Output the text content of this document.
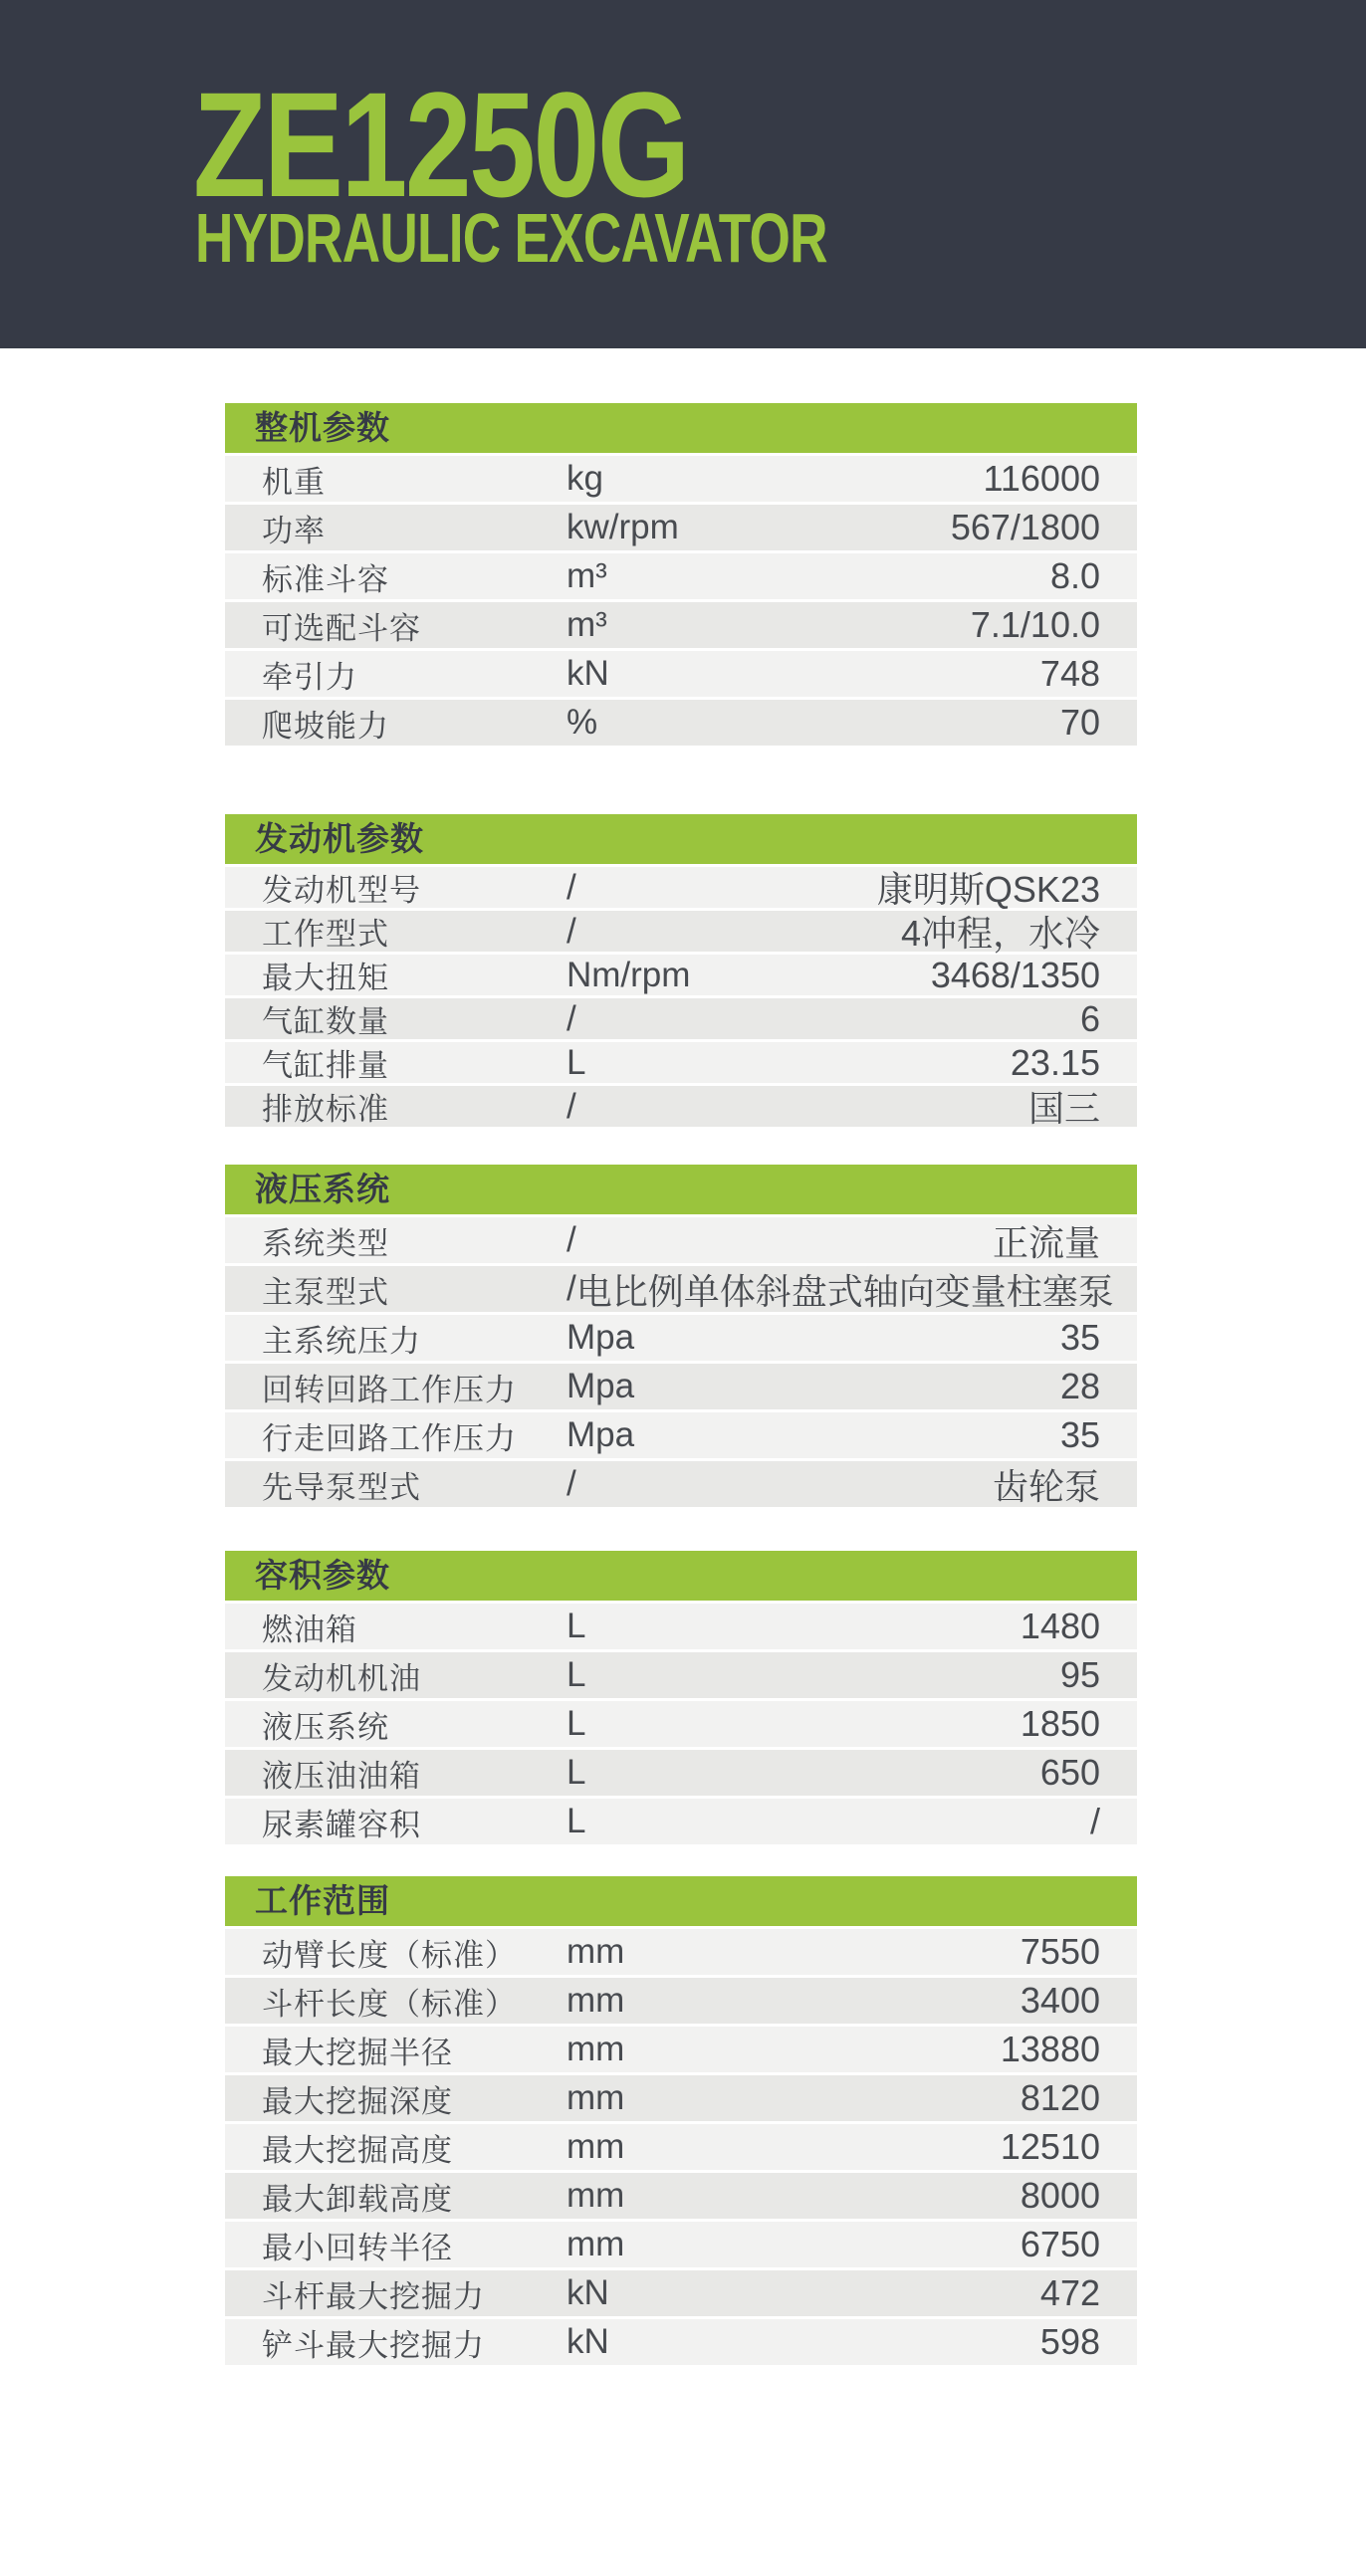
ZE1250G
HYDRAULIC EXCAVATOR
整机参数
机重	kg	116000
功率	kw/rpm	567/1800
标准斗容	m³	8.0
可选配斗容	m³	7.1/10.0
牵引力	kN	748
爬坡能力	%	70
发动机参数
发动机型号	/	康明斯QSK23
工作型式	/	4冲程，水冷
最大扭矩	Nm/rpm	3468/1350
气缸数量	/	6
气缸排量	L	23.15
排放标准	/	国三
液压系统
系统类型	/	正流量
主泵型式	/ 电比例单体斜盘式轴向变量柱塞泵
主系统压力	Mpa	35
回转回路工作压力	Mpa	28
行走回路工作压力	Mpa	35
先导泵型式	/	齿轮泵
容积参数
燃油箱	L	1480
发动机机油	L	95
液压系统	L	1850
液压油油箱	L	650
尿素罐容积	L	/
工作范围
动臂长度（标准）	mm	7550
斗杆长度（标准）	mm	3400
最大挖掘半径	mm	13880
最大挖掘深度	mm	8120
最大挖掘高度	mm	12510
最大卸载高度	mm	8000
最小回转半径	mm	6750
斗杆最大挖掘力	kN	472
铲斗最大挖掘力	kN	598
